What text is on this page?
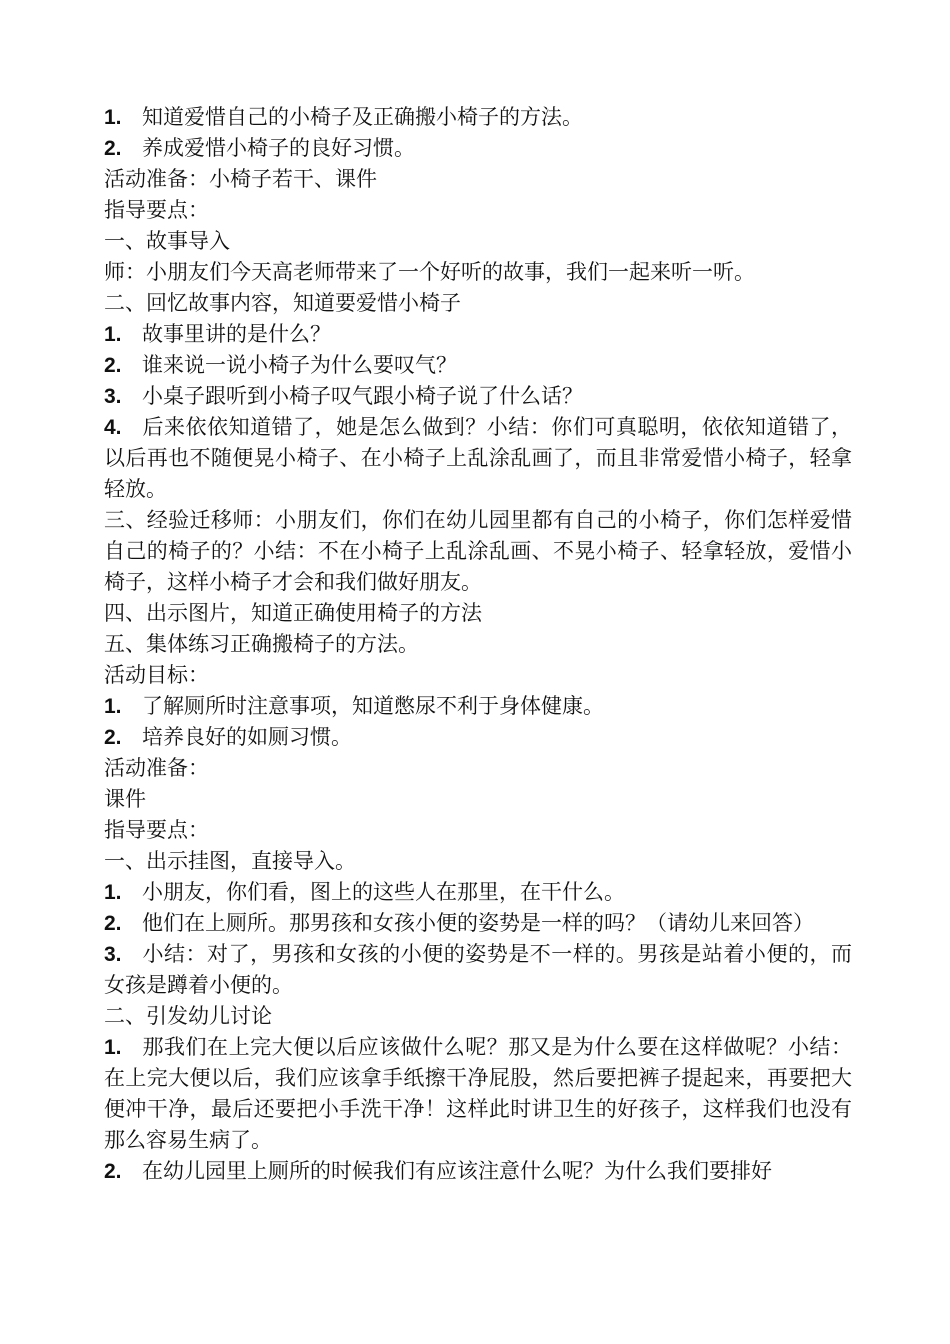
1. 知道爱惜自己的小椅子及正确搬小椅子的方法。
2. 养成爱惜小椅子的良好习惯。
活动准备：小椅子若干、课件
指导要点：
一、故事导入
师：小朋友们今天高老师带来了一个好听的故事，我们一起来听一听。
二、回忆故事内容，知道要爱惜小椅子
1. 故事里讲的是什么？
2. 谁来说一说小椅子为什么要叹气？
3. 小桌子跟听到小椅子叹气跟小椅子说了什么话？
4. 后来依依知道错了，她是怎么做到？小结：你们可真聪明，依依知道错了，以后再也不随便晃小椅子、在小椅子上乱涂乱画了，而且非常爱惜小椅子，轻拿轻放。
三、经验迁移师：小朋友们，你们在幼儿园里都有自己的小椅子，你们怎样爱惜自己的椅子的？小结：不在小椅子上乱涂乱画、不晃小椅子、轻拿轻放，爱惜小椅子，这样小椅子才会和我们做好朋友。
四、出示图片，知道正确使用椅子的方法
五、集体练习正确搬椅子的方法。
活动目标：
1. 了解厕所时注意事项，知道憋尿不利于身体健康。
2. 培养良好的如厕习惯。
活动准备：
课件
指导要点：
一、出示挂图，直接导入。
1. 小朋友，你们看，图上的这些人在那里，在干什么。
2. 他们在上厕所。那男孩和女孩小便的姿势是一样的吗？（请幼儿来回答）
3. 小结：对了，男孩和女孩的小便的姿势是不一样的。男孩是站着小便的，而女孩是蹲着小便的。
二、引发幼儿讨论
1. 那我们在上完大便以后应该做什么呢？那又是为什么要在这样做呢？小结：在上完大便以后，我们应该拿手纸擦干净屁股，然后要把裤子提起来，再要把大便冲干净，最后还要把小手洗干净！这样此时讲卫生的好孩子，这样我们也没有那么容易生病了。
2. 在幼儿园里上厕所的时候我们有应该注意什么呢？为什么我们要排好
